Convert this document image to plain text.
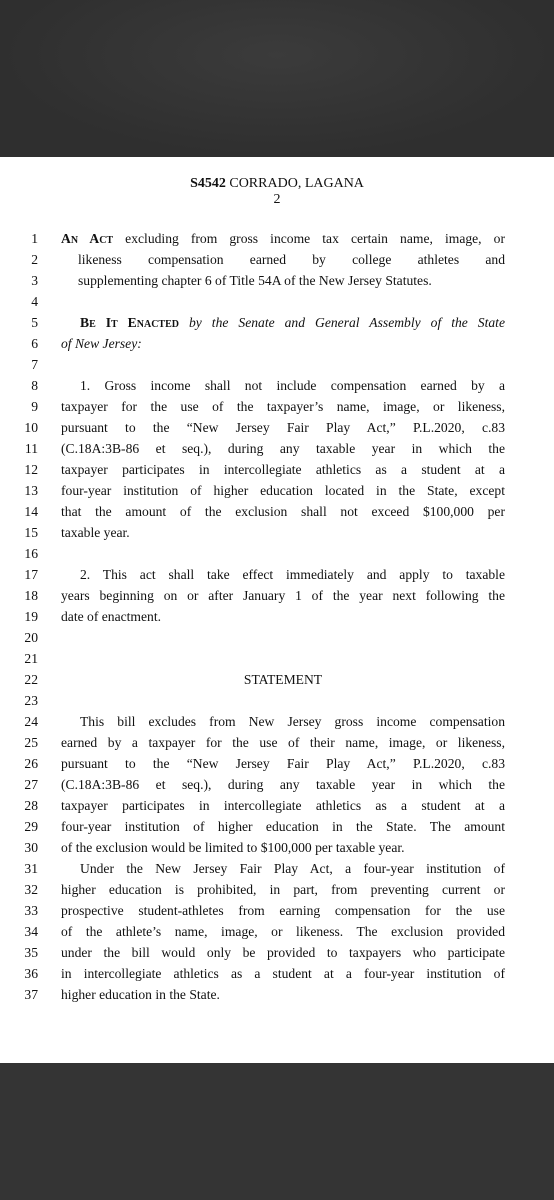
S4542 CORRADO, LAGANA
2
1 An Act excluding from gross income tax certain name, image, or
2	likeness compensation earned by college athletes and
3	supplementing chapter 6 of Title 54A of the New Jersey Statutes.
4
5	Be It Enacted by the Senate and General Assembly of the State
6 of New Jersey:
7
8	1. Gross income shall not include compensation earned by a
9 taxpayer for the use of the taxpayer’s name, image, or likeness,
10 pursuant to the “New Jersey Fair Play Act,” P.L.2020, c.83
11 (C.18A:3B-86 et seq.), during any taxable year in which the
12 taxpayer participates in intercollegiate athletics as a student at a
13 four-year institution of higher education located in the State, except
14 that the amount of the exclusion shall not exceed $100,000 per
15 taxable year.
16
17	2. This act shall take effect immediately and apply to taxable
18 years beginning on or after January 1 of the year next following the
19 date of enactment.
20
21
22	STATEMENT
23
24	This bill excludes from New Jersey gross income compensation
25 earned by a taxpayer for the use of their name, image, or likeness,
26 pursuant to the “New Jersey Fair Play Act,” P.L.2020, c.83
27 (C.18A:3B-86 et seq.), during any taxable year in which the
28 taxpayer participates in intercollegiate athletics as a student at a
29 four-year institution of higher education in the State. The amount
30 of the exclusion would be limited to $100,000 per taxable year.
31	Under the New Jersey Fair Play Act, a four-year institution of
32 higher education is prohibited, in part, from preventing current or
33 prospective student-athletes from earning compensation for the use
34 of the athlete’s name, image, or likeness. The exclusion provided
35 under the bill would only be provided to taxpayers who participate
36 in intercollegiate athletics as a student at a four-year institution of
37 higher education in the State.
